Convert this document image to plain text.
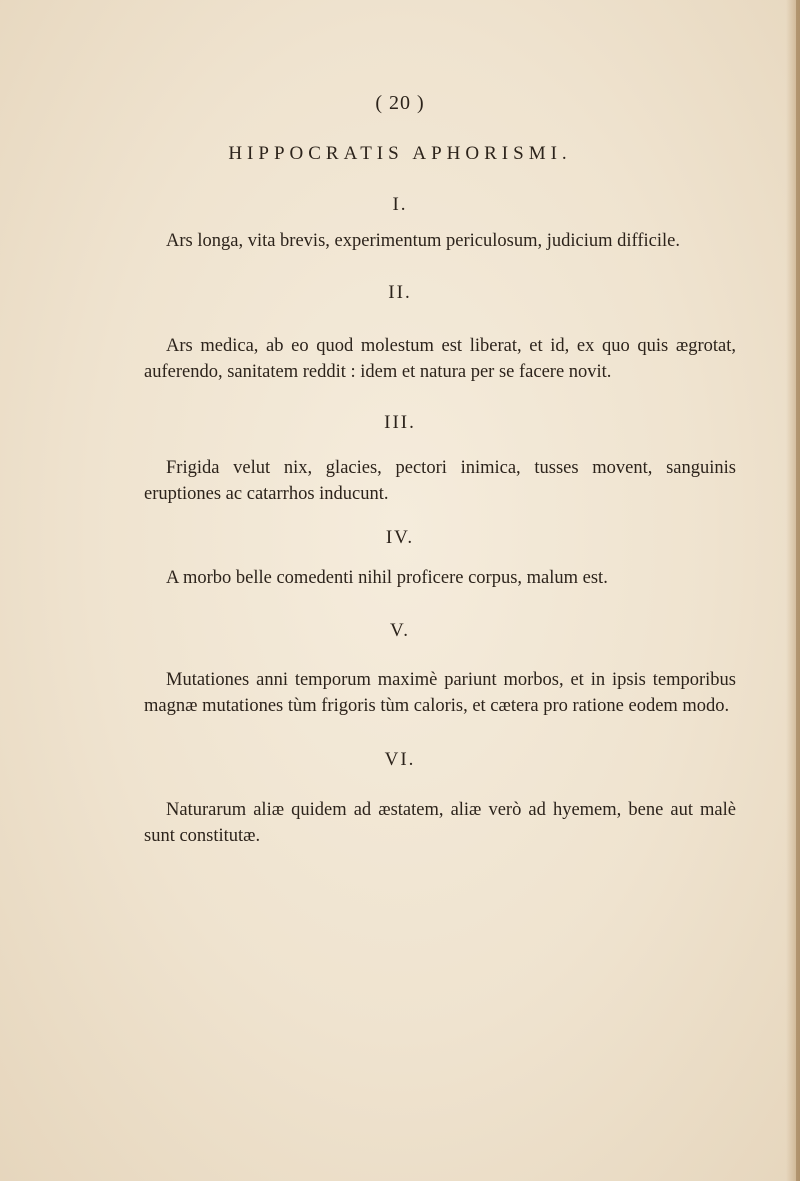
( 20 )
HIPPOCRATIS APHORISMI.
I.
Ars longa, vita brevis, experimentum periculosum, judicium difficile.
II.
Ars medica, ab eo quod molestum est liberat, et id, ex quo quis ægrotat, auferendo, sanitatem reddit : idem et natura per se facere novit.
III.
Frigida velut nix, glacies, pectori inimica, tusses movent, sanguinis eruptiones ac catarrhos inducunt.
IV.
A morbo belle comedenti nihil proficere corpus, malum est.
V.
Mutationes anni temporum maximè pariunt morbos, et in ipsis temporibus magnæ mutationes tùm frigoris tùm caloris, et cætera pro ratione eodem modo.
VI.
Naturarum aliæ quidem ad æstatem, aliæ verò ad hyemem, bene aut malè sunt constitutæ.
